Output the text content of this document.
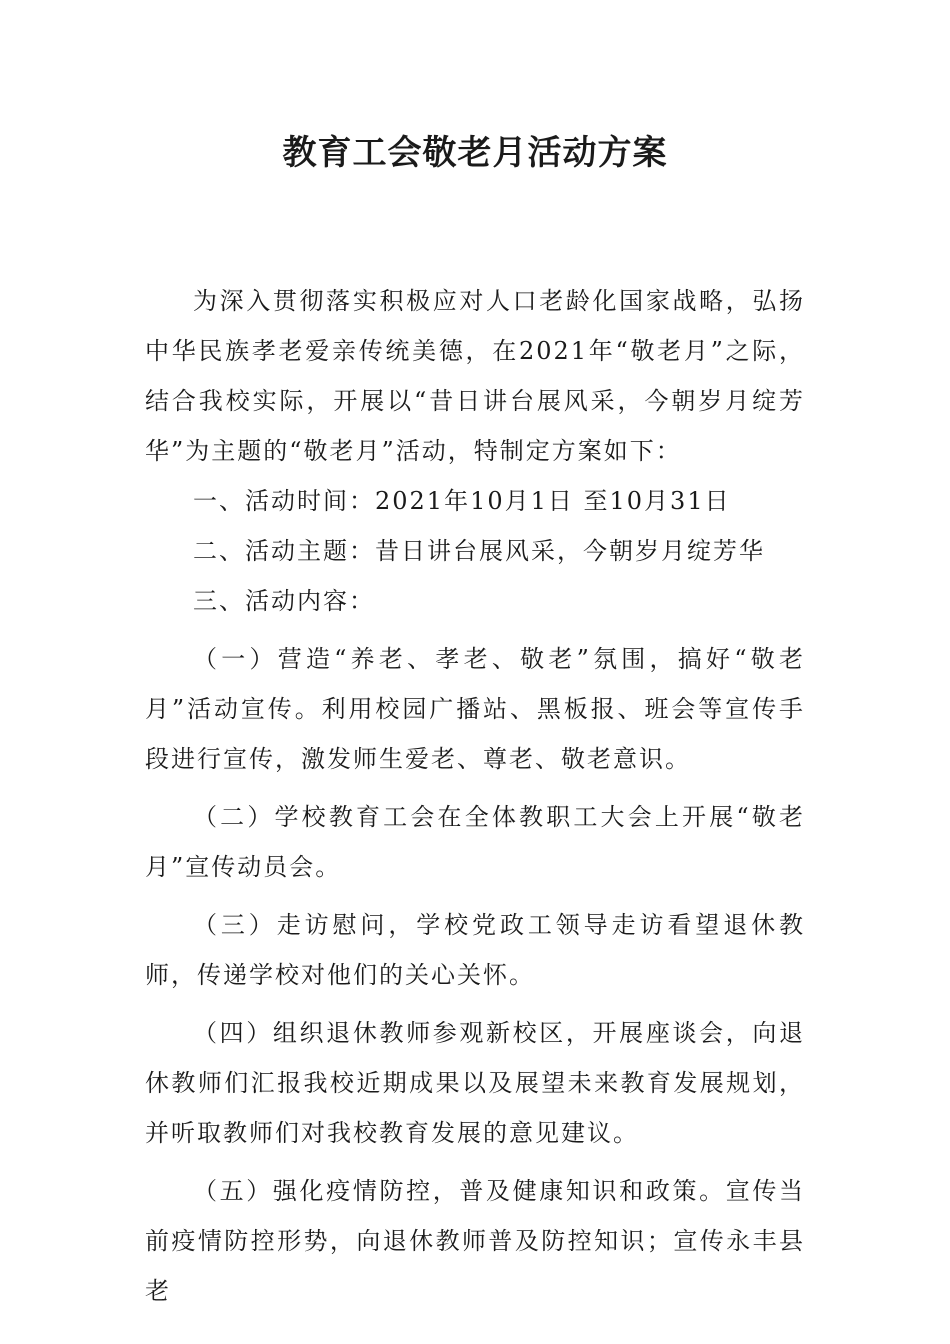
教育工会敬老月活动方案

为深入贯彻落实积极应对人口老龄化国家战略，弘扬中华民族孝老爱亲传统美德，在2021年“敬老月”之际，结合我校实际，开展以“昔日讲台展风采，今朝岁月绽芳华”为主题的“敬老月”活动，特制定方案如下：

一、活动时间：2021年10月1日 至10月31日

二、活动主题：昔日讲台展风采，今朝岁月绽芳华

三、活动内容：

（一）营造“养老、孝老、敬老”氛围，搞好“敬老月”活动宣传。利用校园广播站、黑板报、班会等宣传手段进行宣传，激发师生爱老、尊老、敬老意识。

（二）学校教育工会在全体教职工大会上开展“敬老月”宣传动员会。

（三）走访慰问，学校党政工领导走访看望退休教师，传递学校对他们的关心关怀。

（四）组织退休教师参观新校区，开展座谈会，向退休教师们汇报我校近期成果以及展望未来教育发展规划，并听取教师们对我校教育发展的意见建议。

（五）强化疫情防控，普及健康知识和政策。宣传当前疫情防控形势，向退休教师普及防控知识；宣传永丰县老
